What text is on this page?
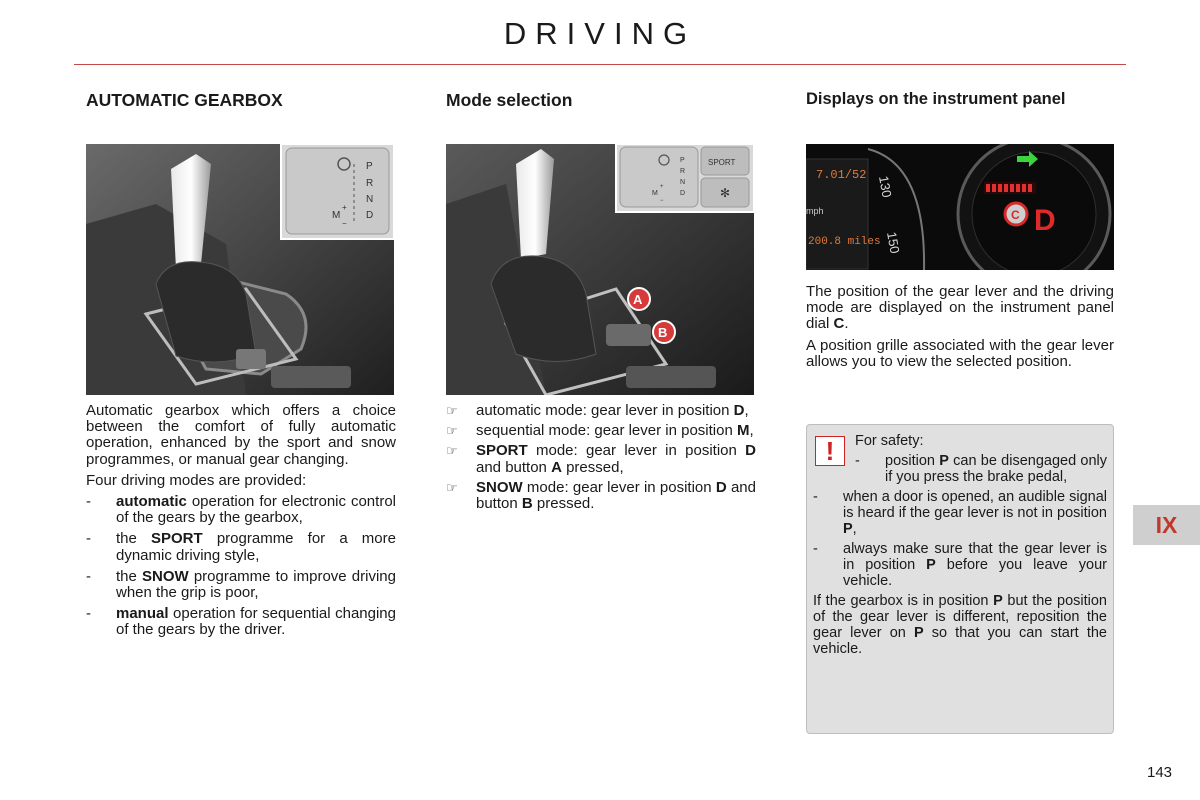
DRIVING
AUTOMATIC GEARBOX
P
R
N
D
M
+
−

Automatic gearbox which offers a choice between the comfort of fully automatic operation, enhanced by the sport and snow programmes, or manual gear changing.

Four driving modes are provided:

- automatic operation for electronic control of the gears by the gearbox,
- the SPORT programme for a more dynamic driving style,
- the SNOW programme to improve driving when the grip is poor,
- manual operation for sequential changing of the gears by the driver.
Mode selection
A
B
SPORT
✻
P
R
N
D
M
+
−
☞ automatic mode: gear lever in position D,
☞ sequential mode: gear lever in position M,
☞ SPORT mode: gear lever in position D and button A pressed,
☞ SNOW mode: gear lever in position D and button B pressed.
Displays on the instrument panel
7.01/52
mph
200.8 miles
130
150
C D

The position of the gear lever and the driving mode are displayed on the instrument panel dial C.

A position grille associated with the gear lever allows you to view the selected position.

!	For safety:
- position P can be disengaged only if you press the brake pedal,
- when a door is opened, an audible signal is heard if the gear lever is not in position P,
- always make sure that the gear lever is in position P before you leave your vehicle.

If the gearbox is in position P but the position of the gear lever is different, reposition the gear lever on P so that you can start the vehicle.

IX
143
